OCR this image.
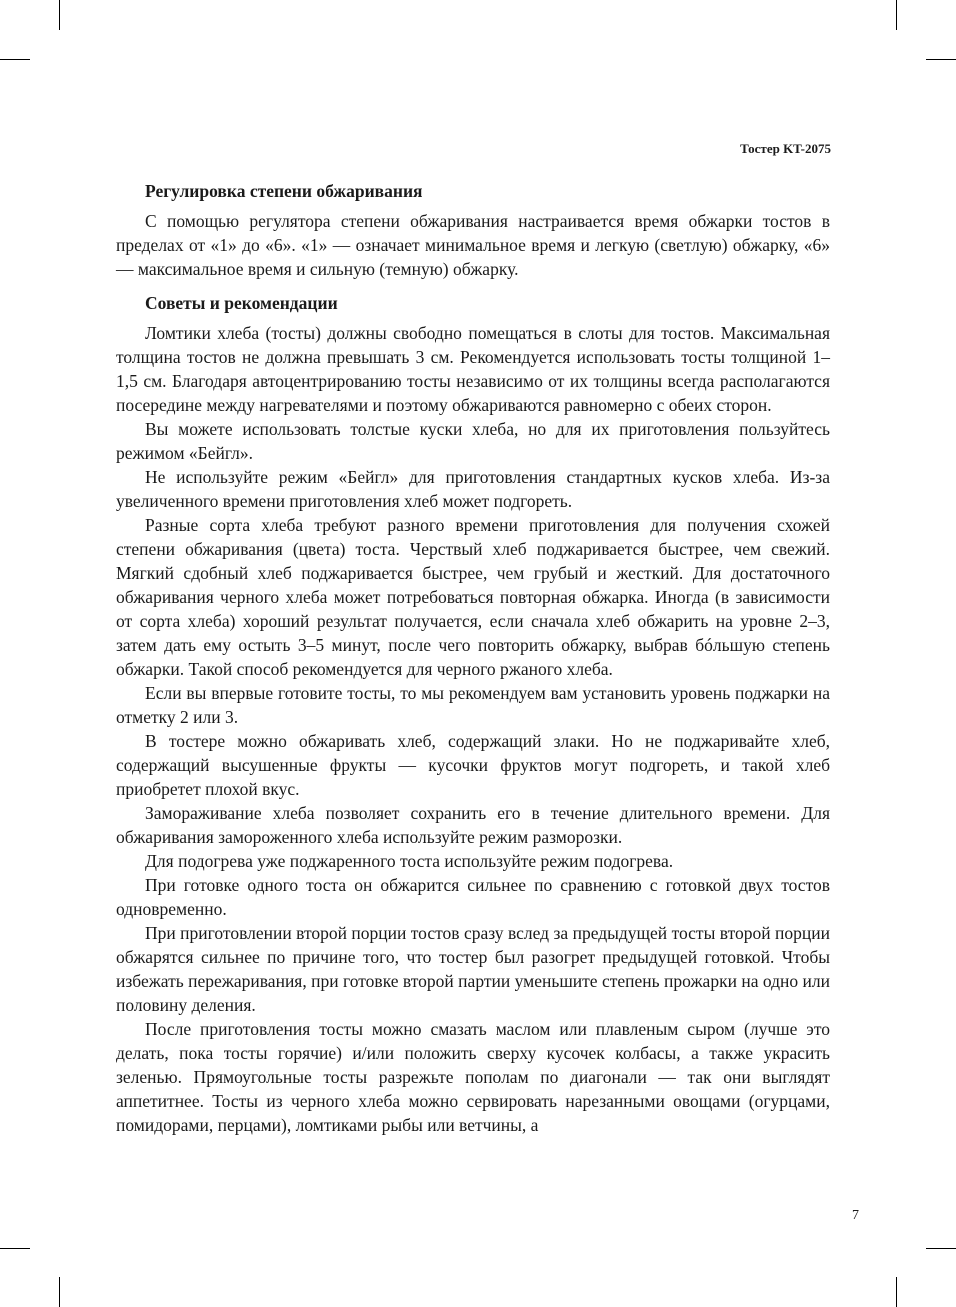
Тостер KT-2075
Регулировка степени обжаривания

С помощью регулятора степени обжаривания настраивается время обжарки тостов в пределах от «1» до «6». «1» — означает минимальное время и легкую (светлую) обжарку, «6» — максимальное время и сильную (темную) обжарку.

Советы и рекомендации

Ломтики хлеба (тосты) должны свободно помещаться в слоты для тостов. Максимальная толщина тостов не должна превышать 3 см. Рекомендуется использовать тосты толщиной 1–1,5 см. Благодаря автоцентрированию тосты независимо от их толщины всегда располагаются посередине между нагревателями и поэтому обжариваются равномерно с обеих сторон.

Вы можете использовать толстые куски хлеба, но для их приготовления пользуйтесь режимом «Бейгл».

Не используйте режим «Бейгл» для приготовления стандартных кусков хлеба. Из-за увеличенного времени приготовления хлеб может подгореть.

Разные сорта хлеба требуют разного времени приготовления для получения схожей степени обжаривания (цвета) тоста. Черствый хлеб поджаривается быстрее, чем свежий. Мягкий сдобный хлеб поджаривается быстрее, чем грубый и жесткий. Для достаточного обжаривания черного хлеба может потребоваться повторная обжарка. Иногда (в зависимости от сорта хлеба) хороший результат получается, если сначала хлеб обжарить на уровне 2–3, затем дать ему остыть 3–5 минут, после чего повторить обжарку, выбрав бóльшую степень обжарки. Такой способ рекомендуется для черного ржаного хлеба.

Если вы впервые готовите тосты, то мы рекомендуем вам установить уровень поджарки на отметку 2 или 3.

В тостере можно обжаривать хлеб, содержащий злаки. Но не поджаривайте хлеб, содержащий высушенные фрукты — кусочки фруктов могут подгореть, и такой хлеб приобретет плохой вкус.

Замораживание хлеба позволяет сохранить его в течение длительного времени. Для обжаривания замороженного хлеба используйте режим разморозки.

Для подогрева уже поджаренного тоста используйте режим подогрева.

При готовке одного тоста он обжарится сильнее по сравнению с готовкой двух тостов одновременно.

При приготовлении второй порции тостов сразу вслед за предыдущей тосты второй порции обжарятся сильнее по причине того, что тостер был разогрет предыдущей готовкой. Чтобы избежать пережаривания, при готовке второй партии уменьшите степень прожарки на одно или половину деления.

После приготовления тосты можно смазать маслом или плавленым сыром (лучше это делать, пока тосты горячие) и/или положить сверху кусочек колбасы, а также украсить зеленью. Прямоугольные тосты разрежьте пополам по диагонали — так они выглядят аппетитнее. Тосты из черного хлеба можно сервировать нарезанными овощами (огурцами, помидорами, перцами), ломтиками рыбы или ветчины, а

7
